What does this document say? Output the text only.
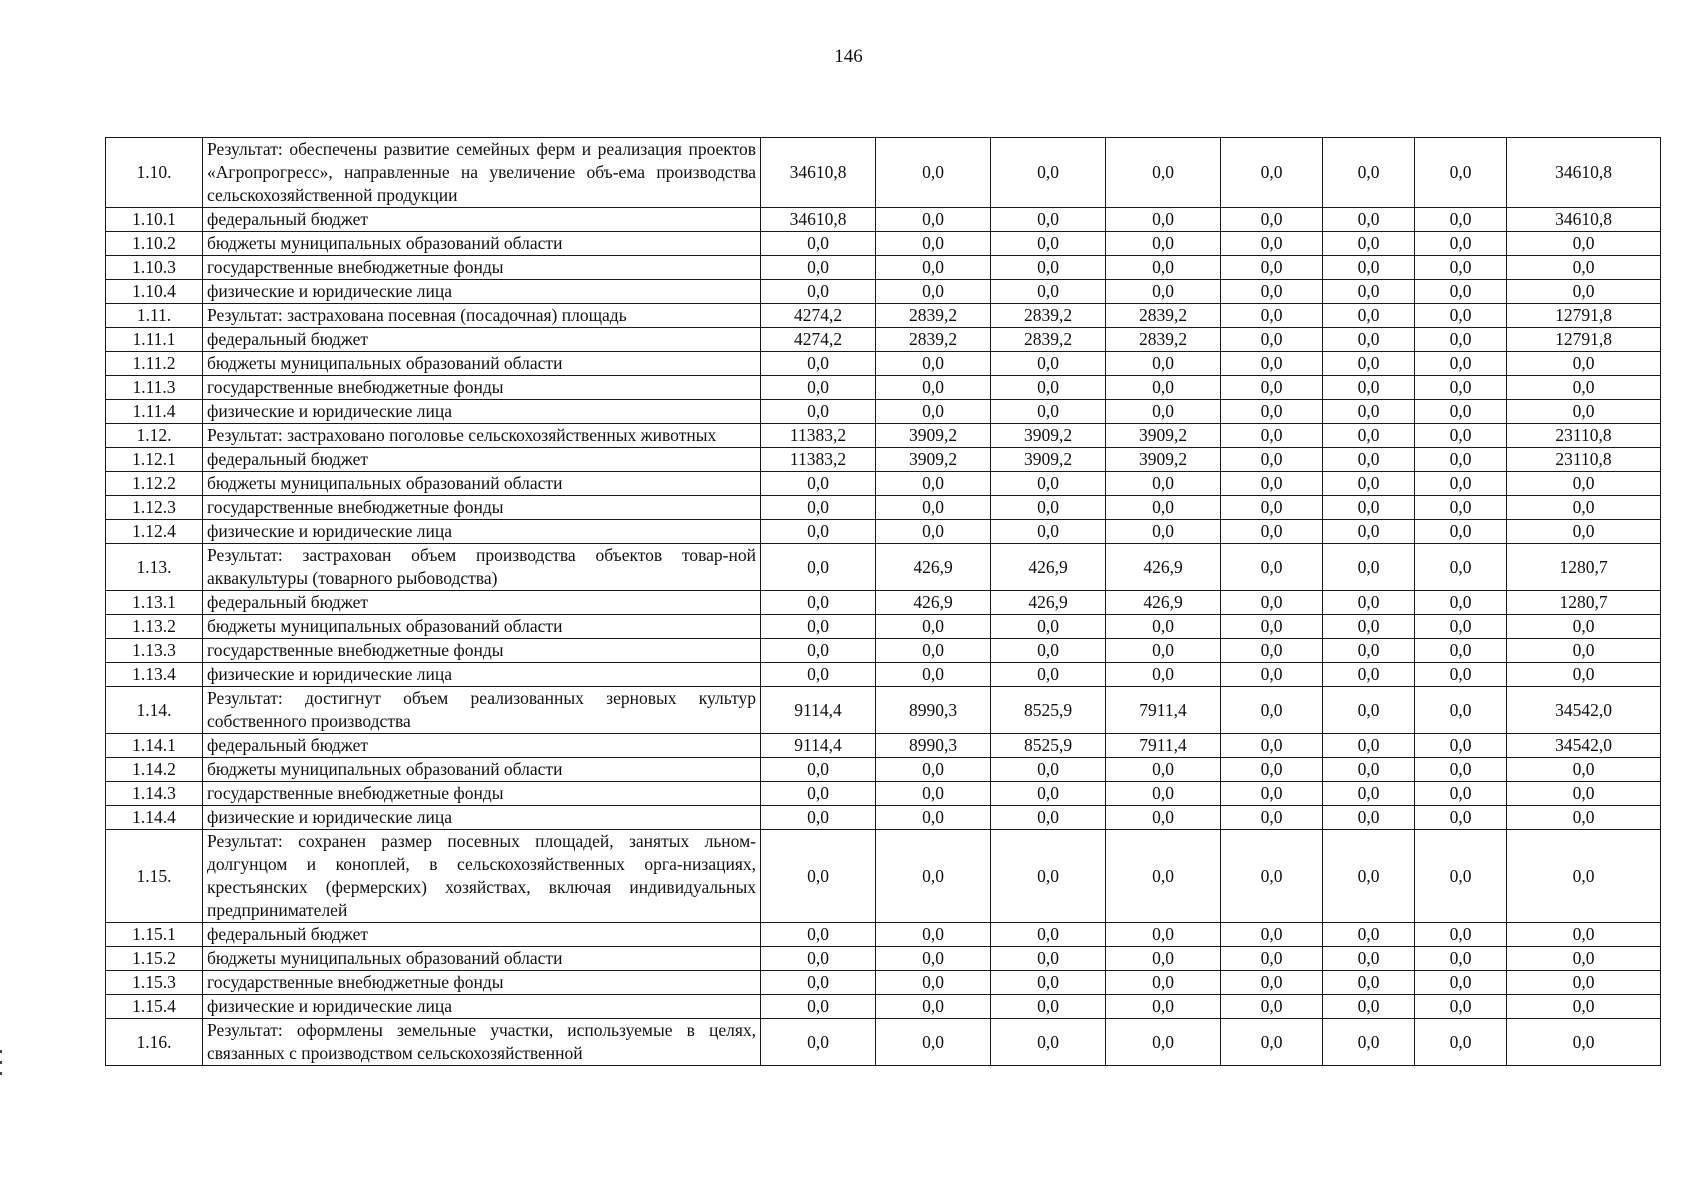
146
1.10.	Результат: обеспечены развитие семейных ферм и реализация проектов «Агропрогресс», направленные на увеличение объ-ема производства сельскохозяйственной продукции	34610,8	0,0	0,0	0,0	0,0	0,0	0,0	34610,8
1.10.1	федеральный бюджет	34610,8	0,0	0,0	0,0	0,0	0,0	0,0	34610,8
1.10.2	бюджеты муниципальных образований области	0,0	0,0	0,0	0,0	0,0	0,0	0,0	0,0
1.10.3	государственные внебюджетные фонды	0,0	0,0	0,0	0,0	0,0	0,0	0,0	0,0
1.10.4	физические и юридические лица	0,0	0,0	0,0	0,0	0,0	0,0	0,0	0,0
1.11.	Результат: застрахована посевная (посадочная) площадь	4274,2	2839,2	2839,2	2839,2	0,0	0,0	0,0	12791,8
1.11.1	федеральный бюджет	4274,2	2839,2	2839,2	2839,2	0,0	0,0	0,0	12791,8
1.11.2	бюджеты муниципальных образований области	0,0	0,0	0,0	0,0	0,0	0,0	0,0	0,0
1.11.3	государственные внебюджетные фонды	0,0	0,0	0,0	0,0	0,0	0,0	0,0	0,0
1.11.4	физические и юридические лица	0,0	0,0	0,0	0,0	0,0	0,0	0,0	0,0
1.12.	Результат: застраховано поголовье сельскохозяйственных животных	11383,2	3909,2	3909,2	3909,2	0,0	0,0	0,0	23110,8
1.12.1	федеральный бюджет	11383,2	3909,2	3909,2	3909,2	0,0	0,0	0,0	23110,8
1.12.2	бюджеты муниципальных образований области	0,0	0,0	0,0	0,0	0,0	0,0	0,0	0,0
1.12.3	государственные внебюджетные фонды	0,0	0,0	0,0	0,0	0,0	0,0	0,0	0,0
1.12.4	физические и юридические лица	0,0	0,0	0,0	0,0	0,0	0,0	0,0	0,0
1.13.	Результат: застрахован объем производства объектов товар-ной аквакультуры (товарного рыбоводства)	0,0	426,9	426,9	426,9	0,0	0,0	0,0	1280,7
1.13.1	федеральный бюджет	0,0	426,9	426,9	426,9	0,0	0,0	0,0	1280,7
1.13.2	бюджеты муниципальных образований области	0,0	0,0	0,0	0,0	0,0	0,0	0,0	0,0
1.13.3	государственные внебюджетные фонды	0,0	0,0	0,0	0,0	0,0	0,0	0,0	0,0
1.13.4	физические и юридические лица	0,0	0,0	0,0	0,0	0,0	0,0	0,0	0,0
1.14.	Результат: достигнут объем реализованных зерновых культур собственного производства	9114,4	8990,3	8525,9	7911,4	0,0	0,0	0,0	34542,0
1.14.1	федеральный бюджет	9114,4	8990,3	8525,9	7911,4	0,0	0,0	0,0	34542,0
1.14.2	бюджеты муниципальных образований области	0,0	0,0	0,0	0,0	0,0	0,0	0,0	0,0
1.14.3	государственные внебюджетные фонды	0,0	0,0	0,0	0,0	0,0	0,0	0,0	0,0
1.14.4	физические и юридические лица	0,0	0,0	0,0	0,0	0,0	0,0	0,0	0,0
1.15.	Результат: сохранен размер посевных площадей, занятых льном-долгунцом и коноплей, в сельскохозяйственных орга-низациях, крестьянских (фермерских) хозяйствах, включая индивидуальных предпринимателей	0,0	0,0	0,0	0,0	0,0	0,0	0,0	0,0
1.15.1	федеральный бюджет	0,0	0,0	0,0	0,0	0,0	0,0	0,0	0,0
1.15.2	бюджеты муниципальных образований области	0,0	0,0	0,0	0,0	0,0	0,0	0,0	0,0
1.15.3	государственные внебюджетные фонды	0,0	0,0	0,0	0,0	0,0	0,0	0,0	0,0
1.15.4	физические и юридические лица	0,0	0,0	0,0	0,0	0,0	0,0	0,0	0,0
1.16.	Результат: оформлены земельные участки, используемые в целях, связанных с производством сельскохозяйственной	0,0	0,0	0,0	0,0	0,0	0,0	0,0	0,0
